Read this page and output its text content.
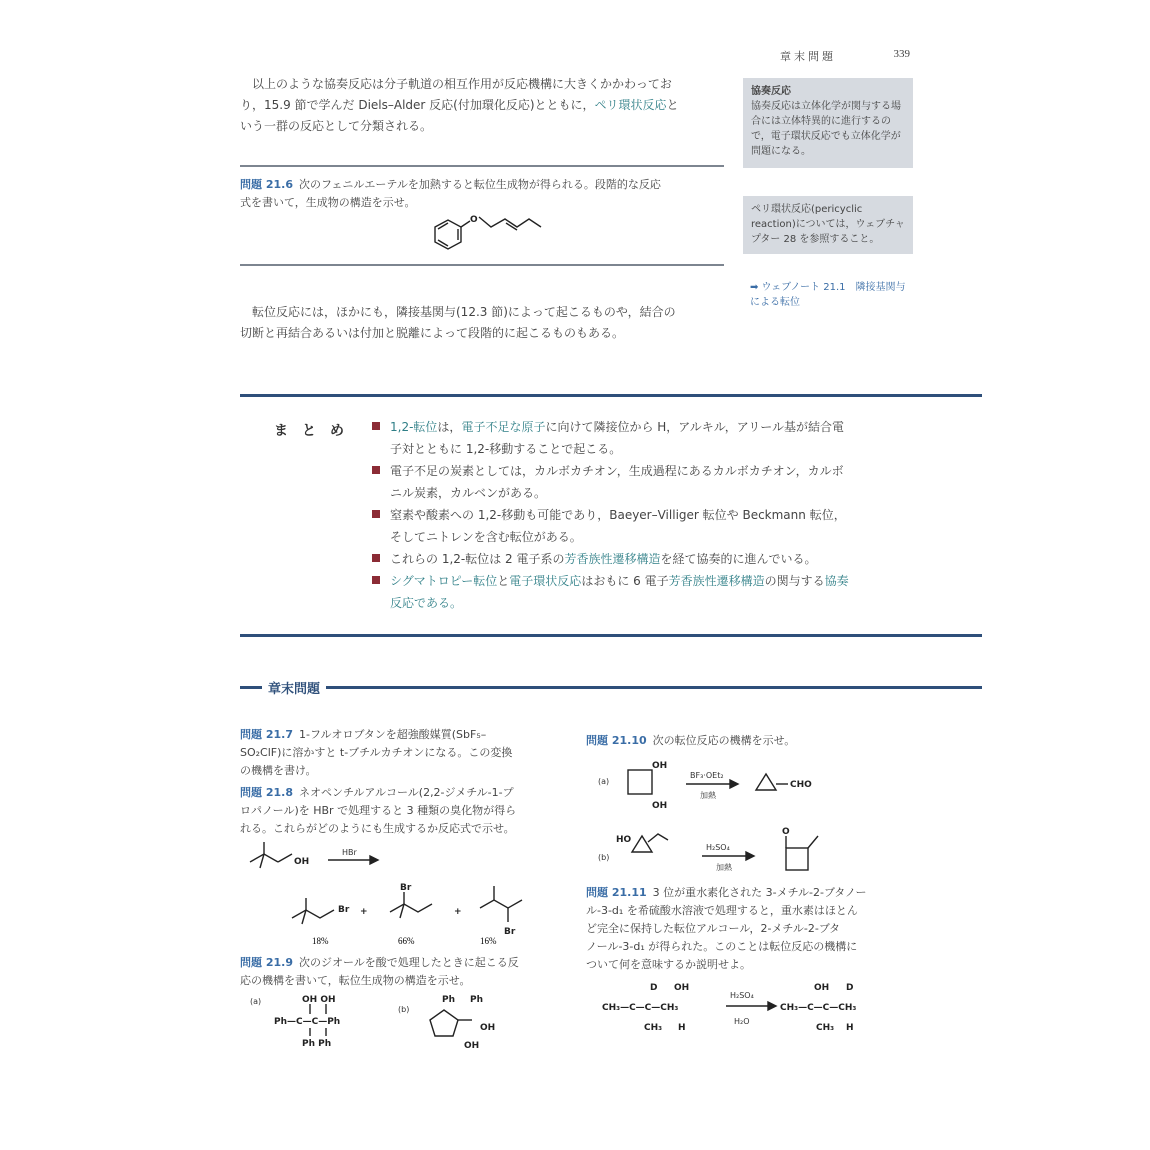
章末問題	339
以上のような協奏反応は分子軌道の相互作用が反応機構に大きくかかわってお
り，15.9 節で学んだ Diels–Alder 反応(付加環化反応)とともに，ペリ環状反応と
いう一群の反応として分類される。
協奏反応
協奏反応は立体化学が関与する場合には立体特異的に進行するので，電子環状反応でも立体化学が問題になる。
ペリ環状反応(pericyclic reaction)については，ウェブチャプター 28 を参照すること。
➡ ウェブノート 21.1　隣接基関与による転位
問題 21.6 次のフェニルエーテルを加熱すると転位生成物が得られる。段階的な反応
式を書いて，生成物の構造を示せ。
O
転位反応には，ほかにも，隣接基関与(12.3 節)によって起こるものや，結合の
切断と再結合あるいは付加と脱離によって段階的に起こるものもある。
まとめ	1,2-転位は，電子不足な原子に向けて隣接位から H，アルキル，アリール基が結合電
子対とともに 1,2-移動することで起こる。
電子不足の炭素としては，カルボカチオン，生成過程にあるカルボカチオン，カルボ
ニル炭素，カルベンがある。
窒素や酸素への 1,2-移動も可能であり，Baeyer–Villiger 転位や Beckmann 転位，
そしてニトレンを含む転位がある。
これらの 1,2-転位は 2 電子系の芳香族性遷移構造を経て協奏的に進んでいる。
シグマトロピー転位と電子環状反応はおもに 6 電子芳香族性遷移構造の関与する協奏
反応である。
章末問題
問題 21.7 1-フルオロブタンを超強酸媒質(SbF₅–
SO₂ClF)に溶かすと t-ブチルカチオンになる。この変換
の機構を書け。
問題 21.8 ネオペンチルアルコール(2,2-ジメチル-1-プ
ロパノール)を HBr で処理すると 3 種類の臭化物が得ら
れる。これらがどのようにも生成するか反応式で示せ。
OH
HBr
Br +
Br
+
Br
18%	66%	16%
問題 21.9 次のジオールを酸で処理したときに起こる反
応の機構を書いて，転位生成物の構造を示せ。
(a)	OH OH
Ph—C—C—Ph
Ph Ph
(b)
Ph Ph
OH
OH
問題 21.10 次の転位反応の機構を示せ。
(a)
OH
OH
BF₃·OEt₂
加熱
CHO
(b)
HO
H₂SO₄
加熱
O
問題 21.11 3 位が重水素化された 3-メチル-2-ブタノー
ル-3-d₁ を希硫酸水溶液で処理すると，重水素はほとん
ど完全に保持した転位アルコール，2-メチル-2-ブタ
ノール-3-d₁ が得られた。このことは転位反応の機構に
ついて何を意味するか説明せよ。
D OH
CH₃—C—C—CH₃
CH₃ H
H₂SO₄
H₂O
OH D
CH₃—C—C—CH₃
CH₃ H
